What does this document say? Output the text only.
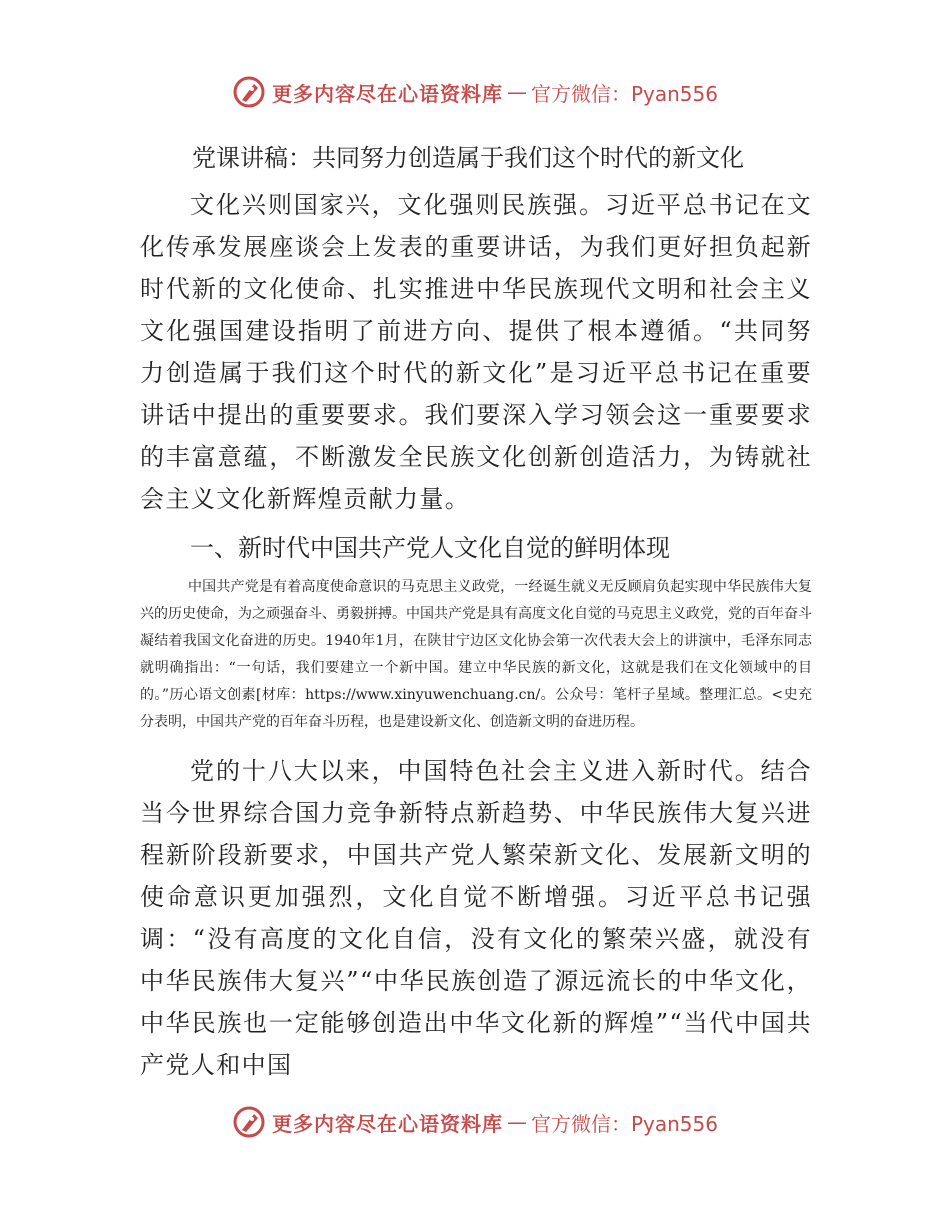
更多内容尽在心语资料库 — 官方微信：Pyan556
党课讲稿：共同努力创造属于我们这个时代的新文化

文化兴则国家兴，文化强则民族强。习近平总书记在文化传承发展座谈会上发表的重要讲话，为我们更好担负起新时代新的文化使命、扎实推进中华民族现代文明和社会主义文化强国建设指明了前进方向、提供了根本遵循。“共同努力创造属于我们这个时代的新文化”是习近平总书记在重要讲话中提出的重要要求。我们要深入学习领会这一重要要求的丰富意蕴，不断激发全民族文化创新创造活力，为铸就社会主义文化新辉煌贡献力量。

一、新时代中国共产党人文化自觉的鲜明体现

中国共产党是有着高度使命意识的马克思主义政党，一经诞生就义无反顾肩负起实现中华民族伟大复兴的历史使命，为之顽强奋斗、勇毅拼搏。中国共产党是具有高度文化自觉的马克思主义政党，党的百年奋斗凝结着我国文化奋进的历史。1940年1月，在陕甘宁边区文化协会第一次代表大会上的讲演中，毛泽东同志就明确指出：“一句话，我们要建立一个新中国。建立中华民族的新文化，这就是我们在文化领域中的目的。”历心语文创素[材库：https://www.xinyuwenchuang.cn/。公众号：笔杆子星域。整理汇总。<史充分表明，中国共产党的百年奋斗历程，也是建设新文化、创造新文明的奋进历程。

党的十八大以来，中国特色社会主义进入新时代。结合当今世界综合国力竞争新特点新趋势、中华民族伟大复兴进程新阶段新要求，中国共产党人繁荣新文化、发展新文明的使命意识更加强烈，文化自觉不断增强。习近平总书记强调：“没有高度的文化自信，没有文化的繁荣兴盛，就没有中华民族伟大复兴”“中华民族创造了源远流长的中华文化，中华民族也一定能够创造出中华文化新的辉煌”“当代中国共产党人和中国

更多内容尽在心语资料库 — 官方微信：Pyan556
